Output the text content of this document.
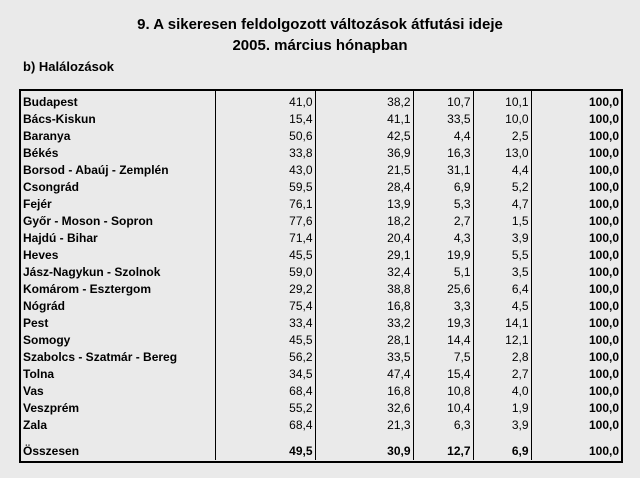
9. A sikeresen feldolgozott változások átfutási ideje
2005. március hónapban
b) Halálozások
Budapest	41,0	38,2	10,7	10,1	100,0
Bács-Kiskun	15,4	41,1	33,5	10,0	100,0
Baranya	50,6	42,5	4,4	2,5	100,0
Békés	33,8	36,9	16,3	13,0	100,0
Borsod - Abaúj - Zemplén	43,0	21,5	31,1	4,4	100,0
Csongrád	59,5	28,4	6,9	5,2	100,0
Fejér	76,1	13,9	5,3	4,7	100,0
Győr - Moson - Sopron	77,6	18,2	2,7	1,5	100,0
Hajdú - Bihar	71,4	20,4	4,3	3,9	100,0
Heves	45,5	29,1	19,9	5,5	100,0
Jász-Nagykun - Szolnok	59,0	32,4	5,1	3,5	100,0
Komárom - Esztergom	29,2	38,8	25,6	6,4	100,0
Nógrád	75,4	16,8	3,3	4,5	100,0
Pest	33,4	33,2	19,3	14,1	100,0
Somogy	45,5	28,1	14,4	12,1	100,0
Szabolcs - Szatmár - Bereg	56,2	33,5	7,5	2,8	100,0
Tolna	34,5	47,4	15,4	2,7	100,0
Vas	68,4	16,8	10,8	4,0	100,0
Veszprém	55,2	32,6	10,4	1,9	100,0
Zala	68,4	21,3	6,3	3,9	100,0

Összesen	49,5	30,9	12,7	6,9	100,0
